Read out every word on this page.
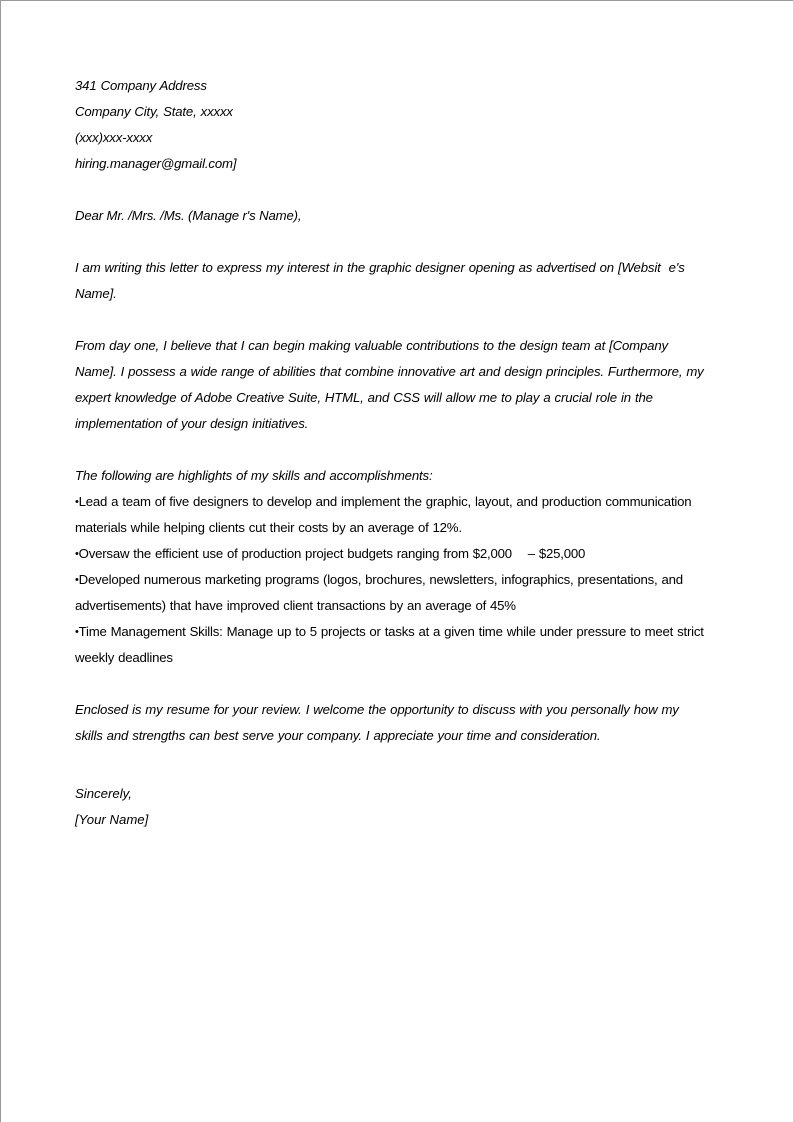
341 Company Address
Company City, State, xxxxx
(xxx)xxx-xxxx
hiring.manager@gmail.com]
Dear Mr. /Mrs. /Ms. (Manage r's Name),

I am writing this letter to express my interest in the graphic designer opening as advertised on [Websit  e's Name].

From day one, I believe that I can begin making valuable contributions to the design team at [Company Name]. I possess a wide range of abilities that combine innovative art and design principles. Furthermore, my expert knowledge of Adobe Creative Suite, HTML, and CSS will allow me to play a crucial role in the implementation of your design initiatives.

The following are highlights of my skills and accomplishments:
•Lead a team of five designers to develop and implement the graphic, layout, and production communication materials while helping clients cut their costs by an average of 12%.
•Oversaw the efficient use of production project budgets ranging from $2,000    – $25,000
•Developed numerous marketing programs (logos, brochures, newsletters, infographics, presentations, and advertisements) that have improved client transactions by an average of 45%
•Time Management Skills: Manage up to 5 projects or tasks at a given time while under pressure to meet strict weekly deadlines

Enclosed is my resume for your review. I welcome the opportunity to discuss with you personally how my skills and strengths can best serve your company. I appreciate your time and consideration.

Sincerely,
[Your Name]
